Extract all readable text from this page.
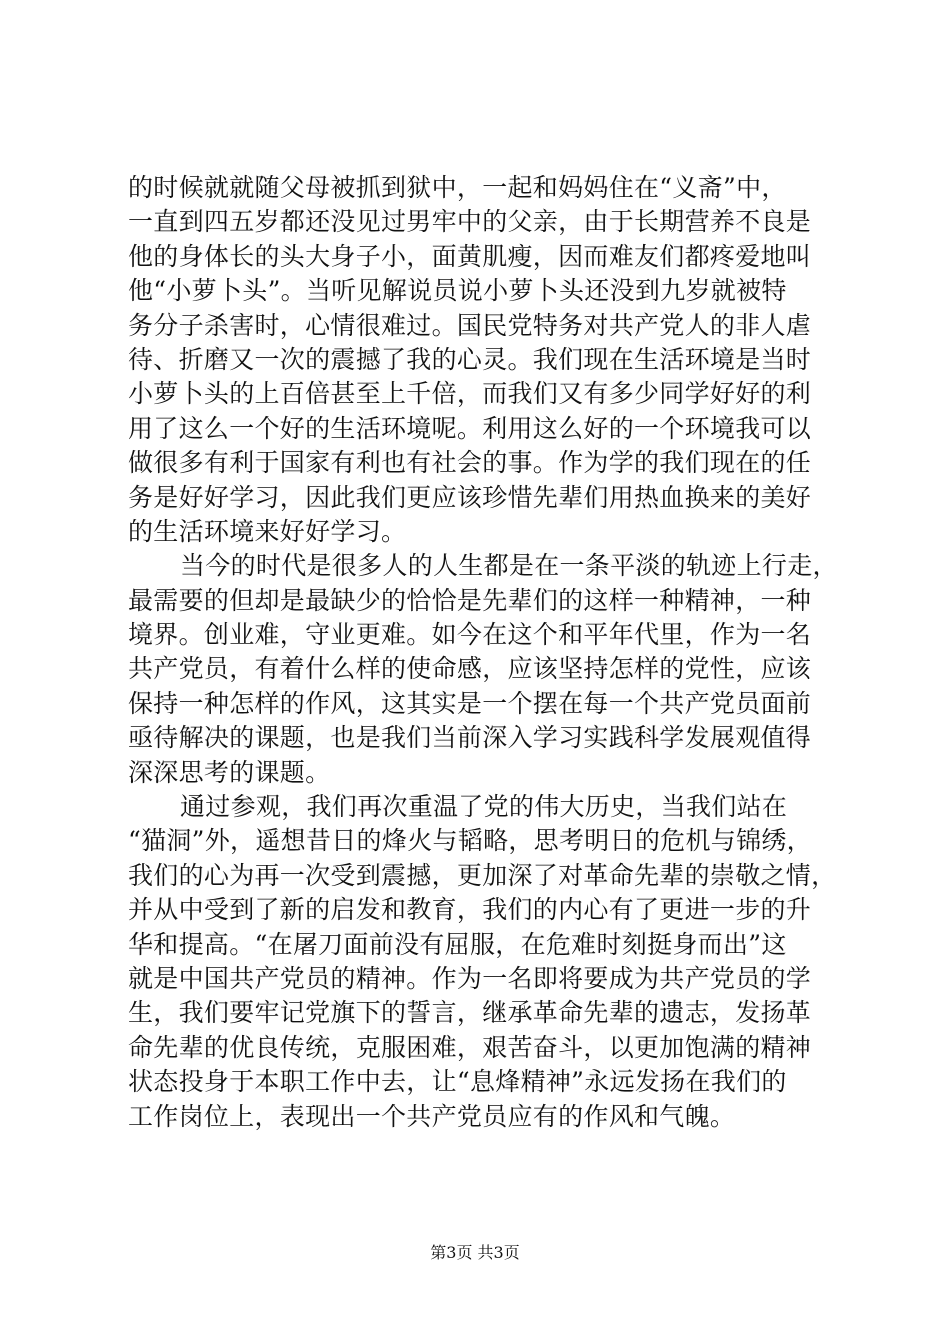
的时候就就随父母被抓到狱中，一起和妈妈住在“义斋”中，
一直到四五岁都还没见过男牢中的父亲，由于长期营养不良是
他的身体长的头大身子小，面黄肌瘦，因而难友们都疼爱地叫
他“小萝卜头”。当听见解说员说小萝卜头还没到九岁就被特
务分子杀害时，心情很难过。国民党特务对共产党人的非人虐
待、折磨又一次的震撼了我的心灵。我们现在生活环境是当时
小萝卜头的上百倍甚至上千倍，而我们又有多少同学好好的利
用了这么一个好的生活环境呢。利用这么好的一个环境我可以
做很多有利于国家有利也有社会的事。作为学的我们现在的任
务是好好学习，因此我们更应该珍惜先辈们用热血换来的美好
的生活环境来好好学习。
当今的时代是很多人的人生都是在一条平淡的轨迹上行走，
最需要的但却是最缺少的恰恰是先辈们的这样一种精神，一种
境界。创业难，守业更难。如今在这个和平年代里，作为一名
共产党员，有着什么样的使命感，应该坚持怎样的党性，应该
保持一种怎样的作风，这其实是一个摆在每一个共产党员面前
亟待解决的课题，也是我们当前深入学习实践科学发展观值得
深深思考的课题。
通过参观，我们再次重温了党的伟大历史，当我们站在
“猫洞”外，遥想昔日的烽火与韬略，思考明日的危机与锦绣，
我们的心为再一次受到震撼，更加深了对革命先辈的崇敬之情，
并从中受到了新的启发和教育，我们的内心有了更进一步的升
华和提高。“在屠刀面前没有屈服，在危难时刻挺身而出”这
就是中国共产党员的精神。作为一名即将要成为共产党员的学
生，我们要牢记党旗下的誓言，继承革命先辈的遗志，发扬革
命先辈的优良传统，克服困难，艰苦奋斗，以更加饱满的精神
状态投身于本职工作中去，让“息烽精神”永远发扬在我们的
工作岗位上，表现出一个共产党员应有的作风和气魄。
第3页 共3页
